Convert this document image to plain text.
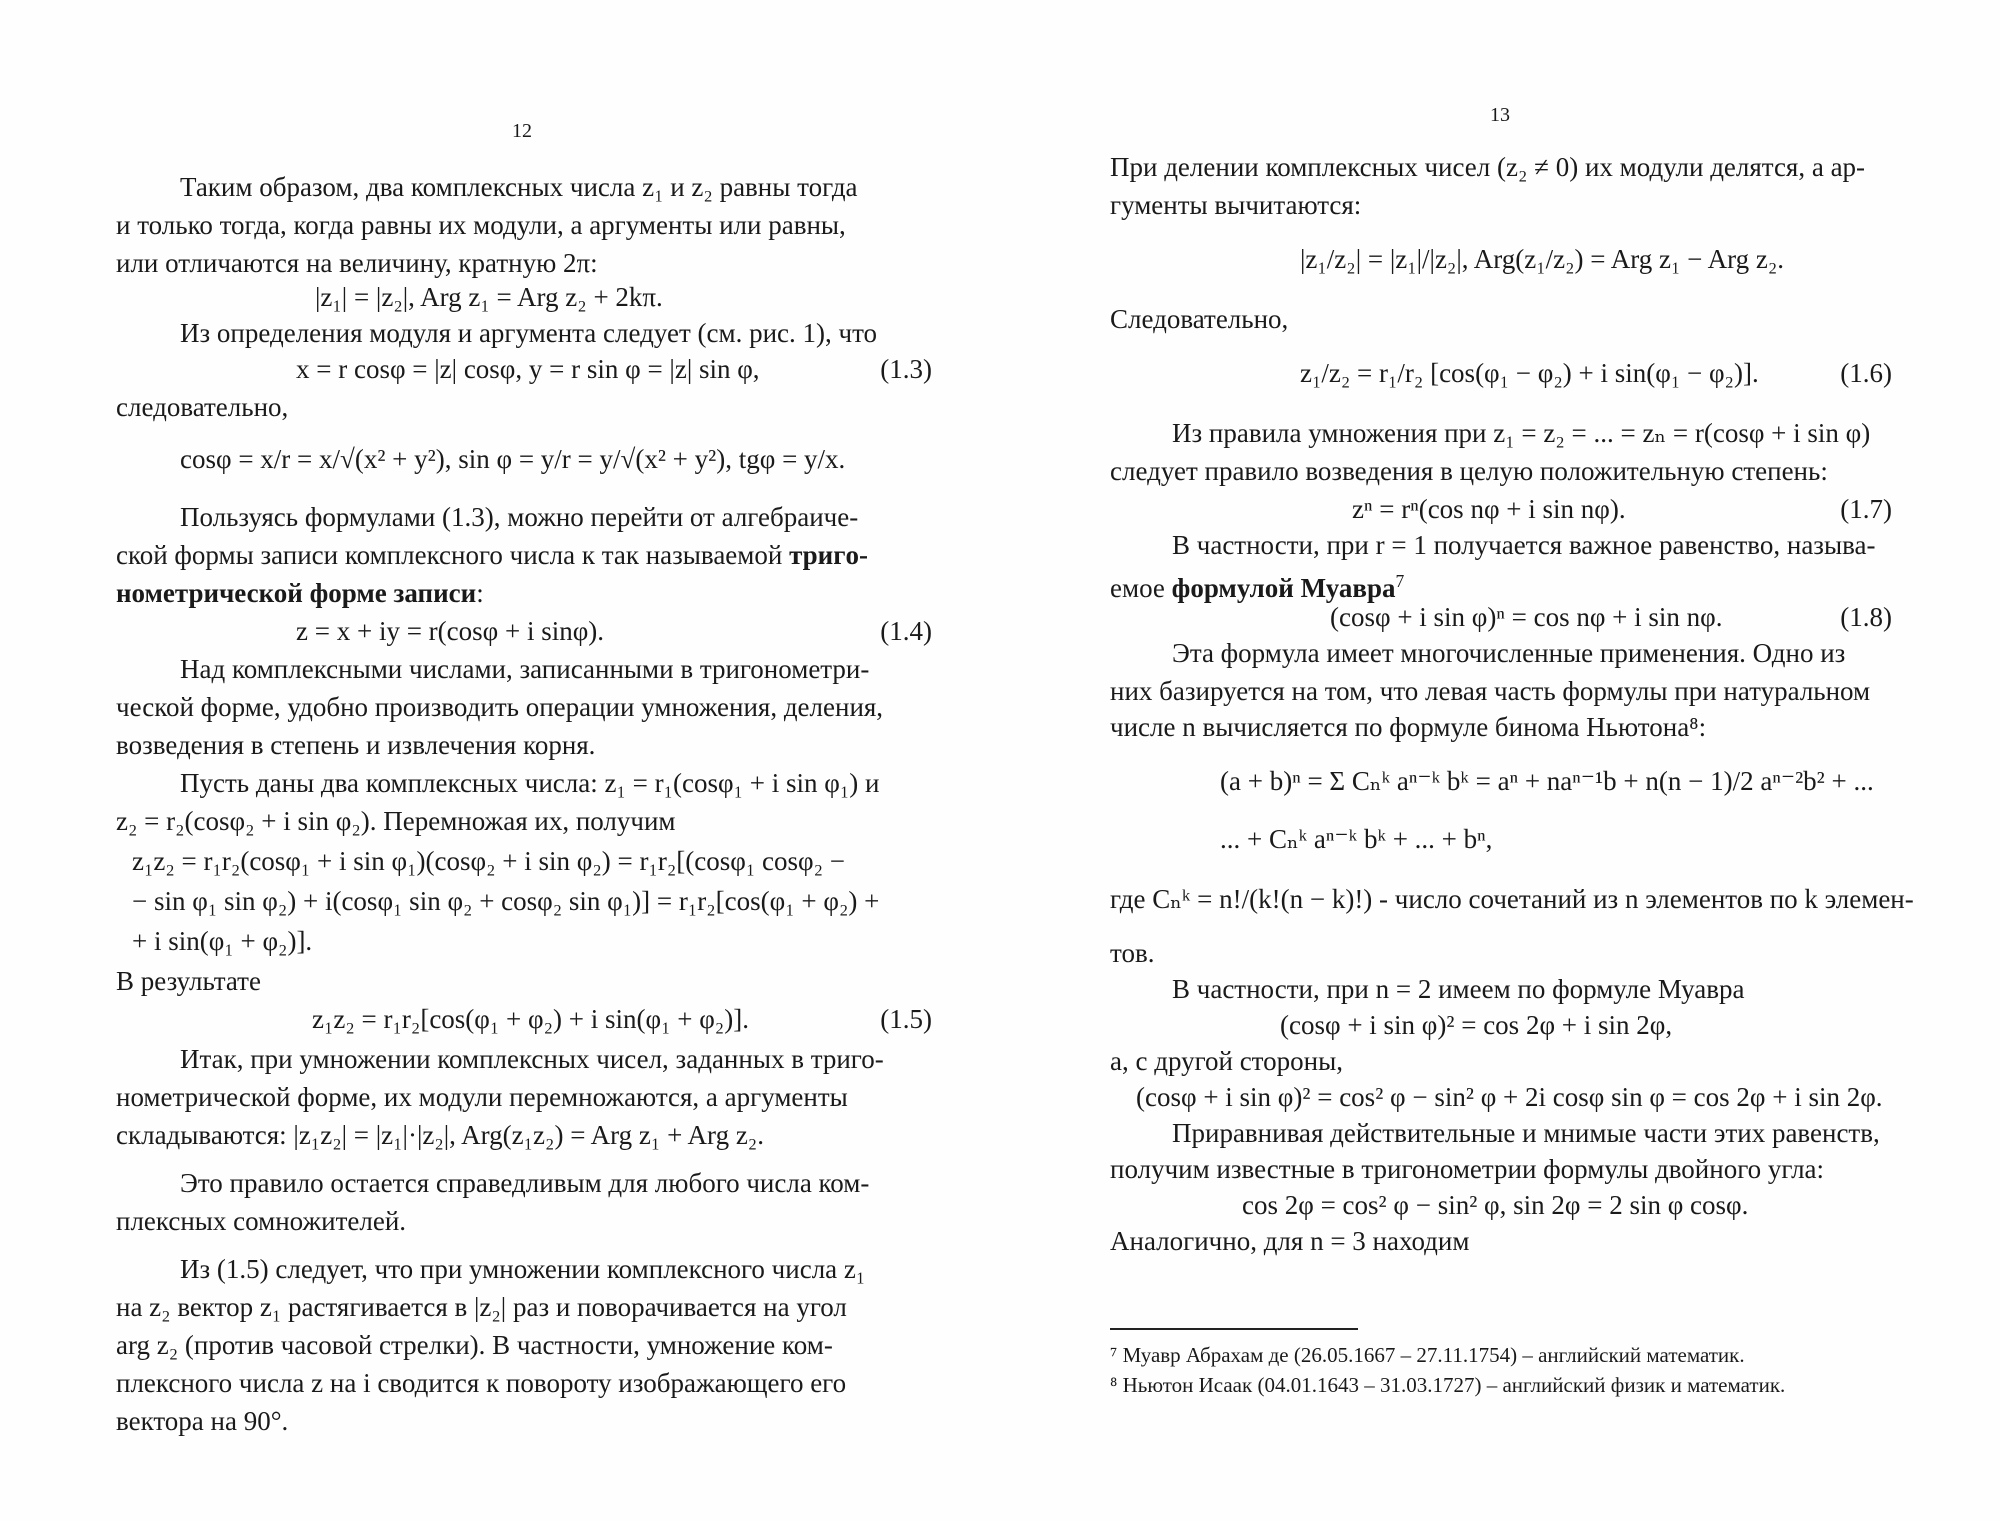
12
Таким образом, два комплексных числа z₁ и z₂ равны тогда
и только тогда, когда равны их модули, а аргументы или равны,
или отличаются на величину, кратную 2π:
|z₁| = |z₂|, Arg z₁ = Arg z₂ + 2kπ.
Из определения модуля и аргумента следует (см. рис. 1), что
x = r cosφ = |z| cosφ, y = r sin φ = |z| sin φ,	(1.3)
следовательно,
cosφ = x/r = x/√(x² + y²), sin φ = y/r = y/√(x² + y²), tgφ = y/x.
Пользуясь формулами (1.3), можно перейти от алгебраиче-
ской формы записи комплексного числа к так называемой тригo-
нометрической форме записи:
z = x + iy = r(cosφ + i sinφ).	(1.4)
Над комплексными числами, записанными в тригонометри-
ческой форме, удобно производить операции умножения, деления,
возведения в степень и извлечения корня.
Пусть даны два комплексных числа: z₁ = r₁(cosφ₁ + i sin φ₁) и
z₂ = r₂(cosφ₂ + i sin φ₂). Перемножая их, получим
z₁z₂ = r₁r₂(cosφ₁ + i sin φ₁)(cosφ₂ + i sin φ₂) = r₁r₂[(cosφ₁ cosφ₂ −
− sin φ₁ sin φ₂) + i(cosφ₁ sin φ₂ + cosφ₂ sin φ₁)] = r₁r₂[cos(φ₁ + φ₂) +
+ i sin(φ₁ + φ₂)].
В результате
z₁z₂ = r₁r₂[cos(φ₁ + φ₂) + i sin(φ₁ + φ₂)].	(1.5)
Итак, при умножении комплексных чисел, заданных в триго-
нометрической форме, их модули перемножаются, а аргументы
складываются: |z₁z₂| = |z₁|·|z₂|, Arg(z₁z₂) = Arg z₁ + Arg z₂.
Это правило остается справедливым для любого числа ком-
плексных сомножителей.
Из (1.5) следует, что при умножении комплексного числа z₁
на z₂ вектор z₁ растягивается в |z₂| раз и поворачивается на угол
arg z₂ (против часовой стрелки). В частности, умножение ком-
плексного числа z на i сводится к повороту изображающего его
вектора на 90°.
13
При делении комплексных чисел (z₂ ≠ 0) их модули делятся, а ар-
гументы вычитаются:
|z₁/z₂| = |z₁|/|z₂|, Arg(z₁/z₂) = Arg z₁ − Arg z₂.
Следовательно,
z₁/z₂ = r₁/r₂ [cos(φ₁ − φ₂) + i sin(φ₁ − φ₂)].	(1.6)
Из правила умножения при z₁ = z₂ = ... = zₙ = r(cosφ + i sin φ)
следует правило возведения в целую положительную степень:
zⁿ = rⁿ(cos nφ + i sin nφ).	(1.7)
В частности, при r = 1 получается важное равенство, называ-
емое формулой Муавра$^7$
(cosφ + i sin φ)ⁿ = cos nφ + i sin nφ.	(1.8)
Эта формула имеет многочисленные применения. Одно из
них базируется на том, что левая часть формулы при натуральном
числе n вычисляется по формуле бинома Ньютона⁸:
(a + b)ⁿ = Σ Cₙᵏ aⁿ⁻ᵏ bᵏ = aⁿ + naⁿ⁻¹b + n(n − 1)/2 aⁿ⁻²b² + ...
... + Cₙᵏ aⁿ⁻ᵏ bᵏ + ... + bⁿ,
где Cₙᵏ = n!/(k!(n − k)!) - число сочетаний из n элементов по k элемен-
тов.
В частности, при n = 2 имеем по формуле Муавра
(cosφ + i sin φ)² = cos 2φ + i sin 2φ,
а, с другой стороны,
(cosφ + i sin φ)² = cos² φ − sin² φ + 2i cosφ sin φ = cos 2φ + i sin 2φ.
Приравнивая действительные и мнимые части этих равенств,
получим известные в тригонометрии формулы двойного угла:
cos 2φ = cos² φ − sin² φ, sin 2φ = 2 sin φ cosφ.
Аналогично, для n = 3 находим
⁷ Муавр Абрахам де (26.05.1667 – 27.11.1754) – английский математик.
⁸ Ньютон Исаак (04.01.1643 – 31.03.1727) – английский физик и математик.
